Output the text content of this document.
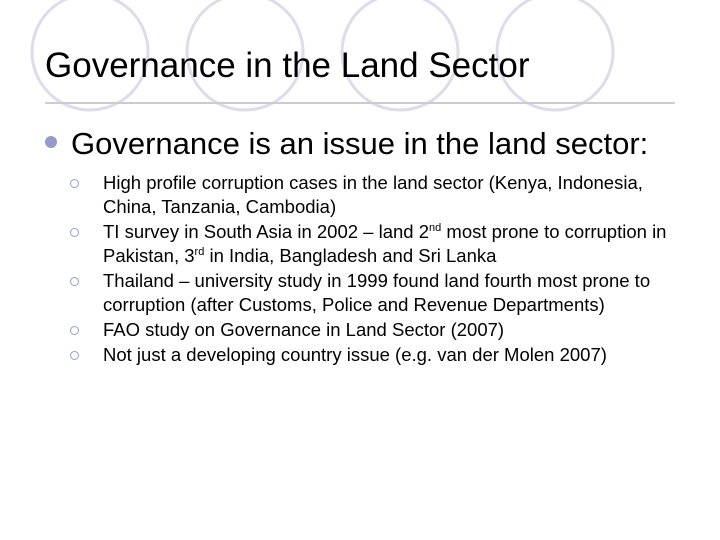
Governance in the Land Sector
Governance is an issue in the land sector:
High profile corruption cases in the land sector (Kenya, Indonesia, China, Tanzania, Cambodia)
TI survey in South Asia in 2002 – land 2nd most prone to corruption in Pakistan, 3rd in India, Bangladesh and Sri Lanka
Thailand – university study in 1999 found land fourth most prone to corruption (after Customs, Police and Revenue Departments)
FAO study on Governance in Land Sector (2007)
Not just a developing country issue (e.g. van der Molen 2007)
